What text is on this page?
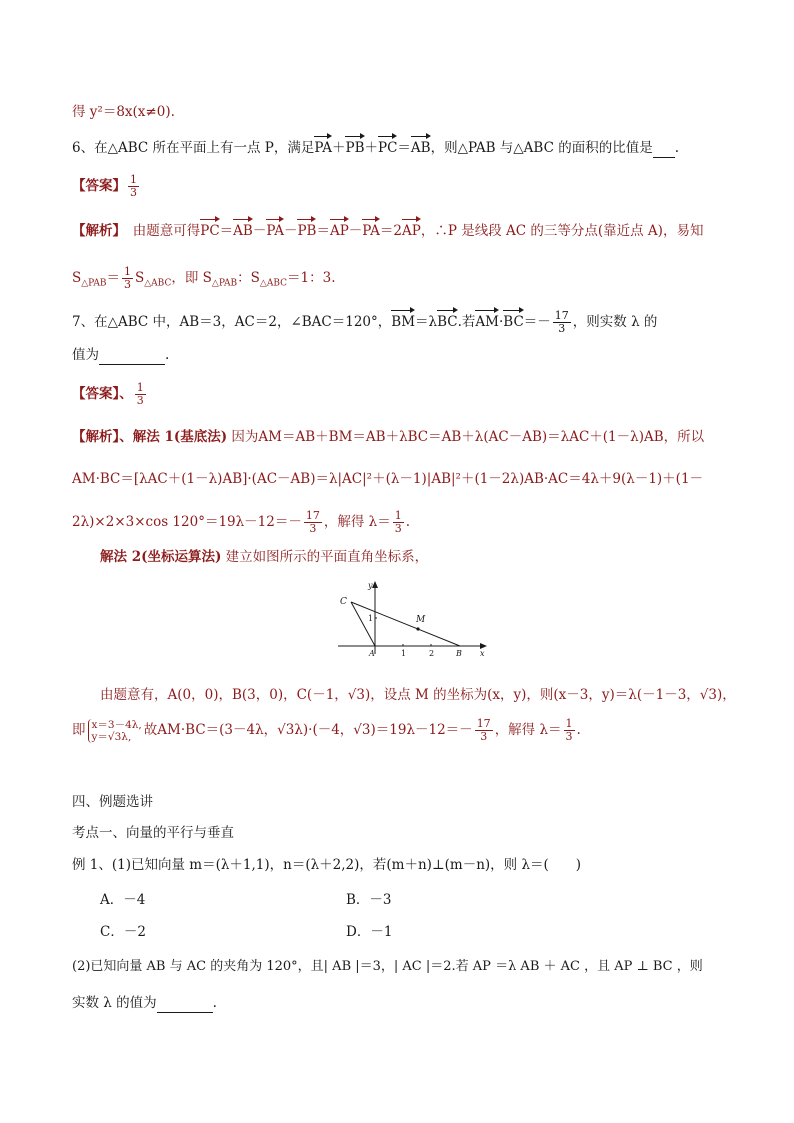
得 y²＝8x(x≠0).
6、在△ABC 所在平面上有一点 P，满足PA＋PB＋PC＝AB，则△PAB 与△ABC 的面积的比值是 .
【答案】 $\frac{1}{3}$
【解析】　由题意可得PC＝AB－PA－PB＝AP－PA＝2AP，∴P 是线段 AC 的三等分点(靠近点 A)，易知
$S_{\triangle PAB}= \frac{1}{3} S_{\triangle ABC}$，即 $S_{\triangle PAB}$：$S_{\triangle ABC}=1$：3.
7、在△ABC 中，AB＝3，AC＝2，∠BAC＝120°，BM＝λBC.若$AM\cdot BC=- \frac{17}{3}$ ，则实数 λ 的
值为	.
【答案】、 $\frac{1}{3}$
【解析】、解法 1(基底法) 因为AM＝AB＋BM＝AB＋λBC＝AB＋λ(AC－AB)＝λAC＋(1－λ)AB，所以
AM·BC＝[λAC＋(1－λ)AB]·(AC－AB)＝λ|AC|²＋(λ－1)|AB|²＋(1－2λ)AB·AC＝4λ＋9(λ－1)＋(1－
2λ)×2×3×cos $120^\circ=19\lambda-12=- \frac{17}{3}$ ，解得 $\lambda= \frac{1}{3}$ .
解法 2(坐标运算法) 建立如图所示的平面直角坐标系，
C
M
A	B x
y
1	2
1
由题意有，A(0，0)，B(3，0)，C(－1，√3)，设点 M 的坐标为(x，y)，则(x－3，y)＝λ(－1－3，√3)，
即 x＝3－4λ,
y＝√3λ, 故AM·BC＝(3－4λ，√3λ)·(－4，$√3)=19\lambda-12=- \frac{17}{3}$ ，解得 $\lambda= \frac{1}{3}$ .
四、例题选讲
考点一、向量的平行与垂直
例 1、(1)已知向量 m＝(λ＋1,1)，n＝(λ＋2,2)，若(m＋n)⊥(m－n)，则 λ＝(　　)
A．－4	B．－3
C．－2	D．－1
(2)已知向量 AB 与 AC 的夹角为 120°，且| AB |＝3，| AC |＝2.若 AP ＝λ AB ＋ AC ，且 AP ⊥ BC ，则
实数 λ 的值为	.
